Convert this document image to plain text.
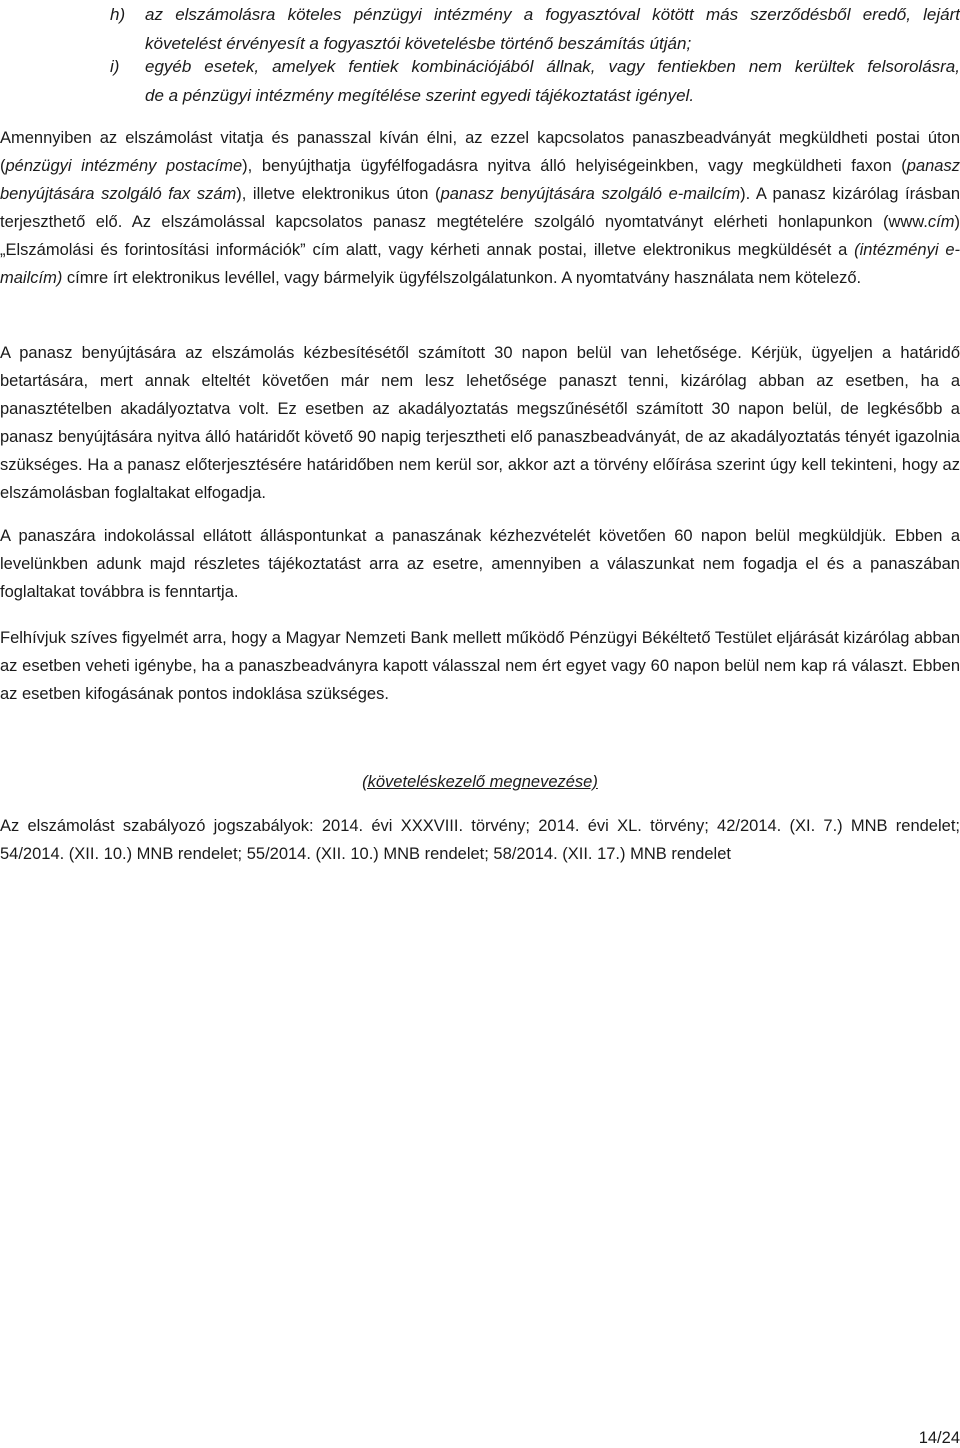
h) az elszámolásra köteles pénzügyi intézmény a fogyasztóval kötött más szerződésből eredő, lejárt
követelést érvényesít a fogyasztói követelésbe történő beszámítás útján;
i) egyéb esetek, amelyek fentiek kombinációjából állnak, vagy fentiekben nem kerültek felsorolásra,
de a pénzügyi intézmény megítélése szerint egyedi tájékoztatást igényel.

Amennyiben az elszámolást vitatja és panasszal kíván élni, az ezzel kapcsolatos panaszbeadványát megküldheti postai úton (pénzügyi intézmény postacíme), benyújthatja ügyfélfogadásra nyitva álló helyiségeinkben, vagy megküldheti faxon (panasz benyújtására szolgáló fax szám), illetve elektronikus úton (panasz benyújtására szolgáló e-mailcím). A panasz kizárólag írásban terjeszthető elő. Az elszámolással kapcsolatos panasz megtételére szolgáló nyomtatványt elérheti honlapunkon (www.cím) „Elszámolási és forintosítási információk” cím alatt, vagy kérheti annak postai, illetve elektronikus megküldését a (intézményi e-mailcím) címre írt elektronikus levéllel, vagy bármelyik ügyfélszolgálatunkon. A nyomtatvány használata nem kötelező.

A panasz benyújtására az elszámolás kézbesítésétől számított 30 napon belül van lehetősége. Kérjük, ügyeljen a határidő betartására, mert annak elteltét követően már nem lesz lehetősége panaszt tenni, kizárólag abban az esetben, ha a panasztételben akadályoztatva volt. Ez esetben az akadályoztatás megszűnésétől számított 30 napon belül, de legkésőbb a panasz benyújtására nyitva álló határidőt követő 90 napig terjesztheti elő panaszbeadványát, de az akadályoztatás tényét igazolnia szükséges. Ha a panasz előterjesztésére határidőben nem kerül sor, akkor azt a törvény előírása szerint úgy kell tekinteni, hogy az elszámolásban foglaltakat elfogadja.

A panaszára indokolással ellátott álláspontunkat a panaszának kézhezvételét követően 60 napon belül megküldjük. Ebben a levelünkben adunk majd részletes tájékoztatást arra az esetre, amennyiben a válaszunkat nem fogadja el és a panaszában foglaltakat továbbra is fenntartja.

Felhívjuk szíves figyelmét arra, hogy a Magyar Nemzeti Bank mellett működő Pénzügyi Békéltető Testület eljárását kizárólag abban az esetben veheti igénybe, ha a panaszbeadványra kapott válasszal nem ért egyet vagy 60 napon belül nem kap rá választ. Ebben az esetben kifogásának pontos indoklása szükséges.

(követeléskezelő megnevezése)

Az elszámolást szabályozó jogszabályok: 2014. évi XXXVIII. törvény; 2014. évi XL. törvény; 42/2014. (XI. 7.) MNB rendelet; 54/2014. (XII. 10.) MNB rendelet; 55/2014. (XII. 10.) MNB rendelet; 58/2014. (XII. 17.) MNB rendelet

14/24
